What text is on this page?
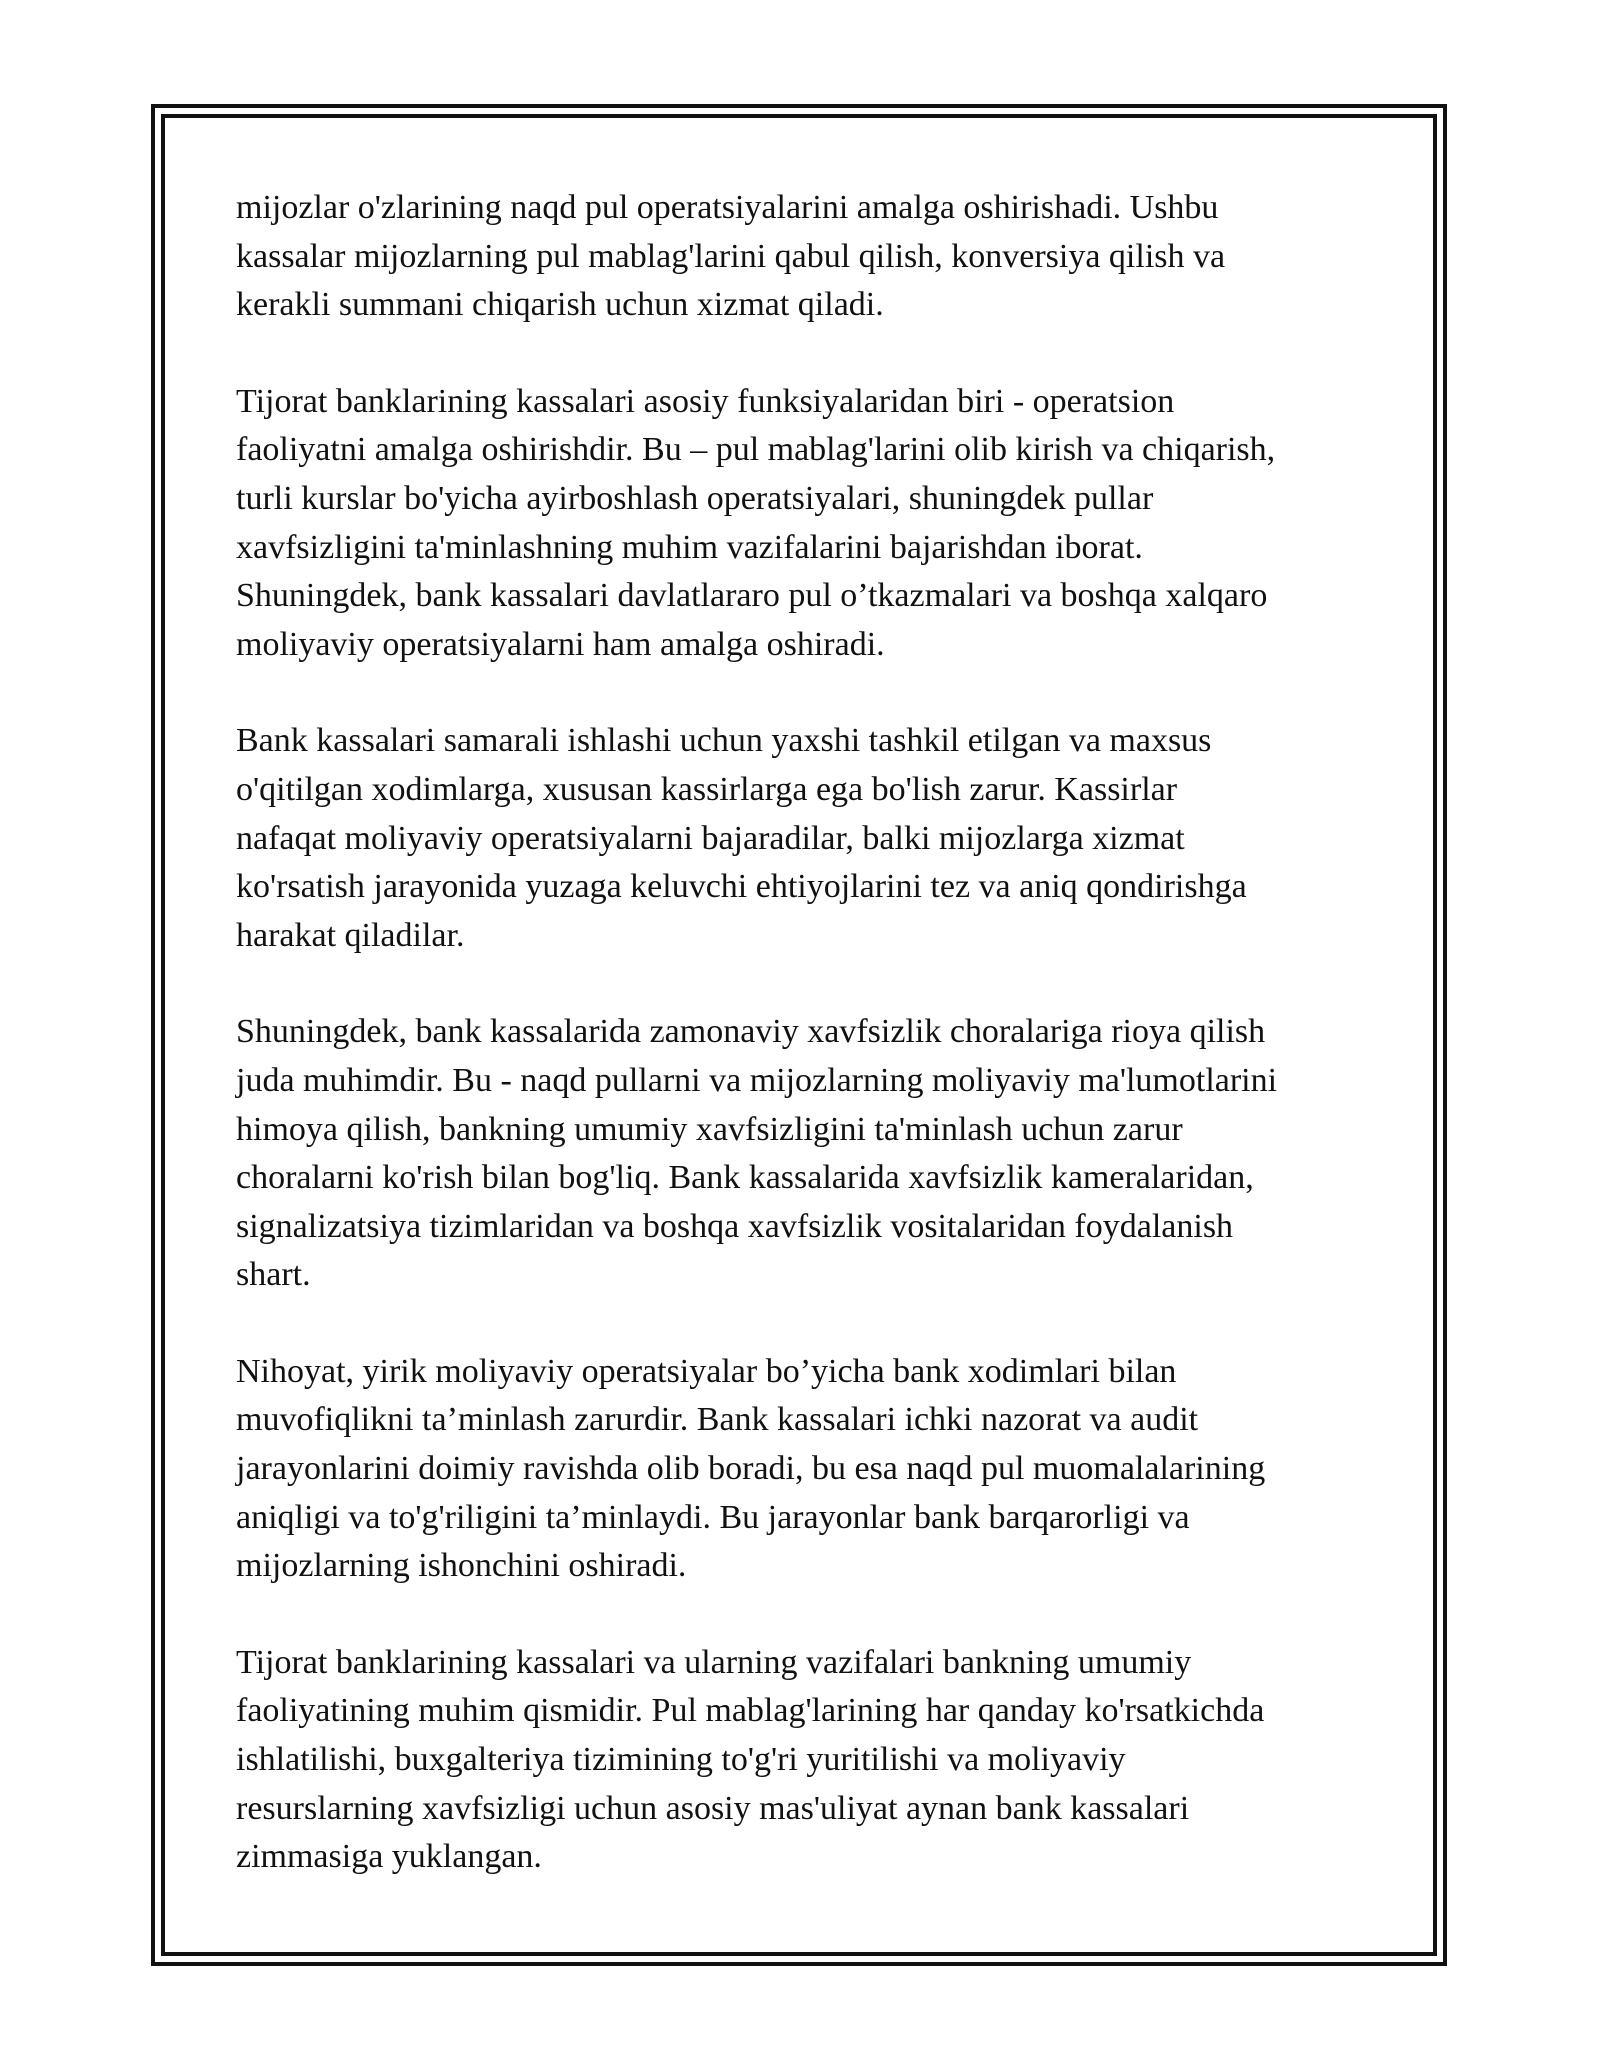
mijozlar o'zlarining naqd pul operatsiyalarini amalga oshirishadi. Ushbu
kassalar mijozlarning pul mablag'larini qabul qilish, konversiya qilish va
kerakli summani chiqarish uchun xizmat qiladi.

Tijorat banklarining kassalari asosiy funksiyalaridan biri - operatsion
faoliyatni amalga oshirishdir. Bu – pul mablag'larini olib kirish va chiqarish,
turli kurslar bo'yicha ayirboshlash operatsiyalari, shuningdek pullar
xavfsizligini ta'minlashning muhim vazifalarini bajarishdan iborat.
Shuningdek, bank kassalari davlatlararo pul o’tkazmalari va boshqa xalqaro
moliyaviy operatsiyalarni ham amalga oshiradi.

Bank kassalari samarali ishlashi uchun yaxshi tashkil etilgan va maxsus
o'qitilgan xodimlarga, xususan kassirlarga ega bo'lish zarur. Kassirlar
nafaqat moliyaviy operatsiyalarni bajaradilar, balki mijozlarga xizmat
ko'rsatish jarayonida yuzaga keluvchi ehtiyojlarini tez va aniq qondirishga
harakat qiladilar.

Shuningdek, bank kassalarida zamonaviy xavfsizlik choralariga rioya qilish
juda muhimdir. Bu - naqd pullarni va mijozlarning moliyaviy ma'lumotlarini
himoya qilish, bankning umumiy xavfsizligini ta'minlash uchun zarur
choralarni ko'rish bilan bog'liq. Bank kassalarida xavfsizlik kameralaridan,
signalizatsiya tizimlaridan va boshqa xavfsizlik vositalaridan foydalanish
shart.

Nihoyat, yirik moliyaviy operatsiyalar bo’yicha bank xodimlari bilan
muvofiqlikni ta’minlash zarurdir. Bank kassalari ichki nazorat va audit
jarayonlarini doimiy ravishda olib boradi, bu esa naqd pul muomalalarining
aniqligi va to'g'riligini ta’minlaydi. Bu jarayonlar bank barqarorligi va
mijozlarning ishonchini oshiradi.

Tijorat banklarining kassalari va ularning vazifalari bankning umumiy
faoliyatining muhim qismidir. Pul mablag'larining har qanday ko'rsatkichda
ishlatilishi, buxgalteriya tizimining to'g'ri yuritilishi va moliyaviy
resurslarning xavfsizligi uchun asosiy mas'uliyat aynan bank kassalari
zimmasiga yuklangan.
